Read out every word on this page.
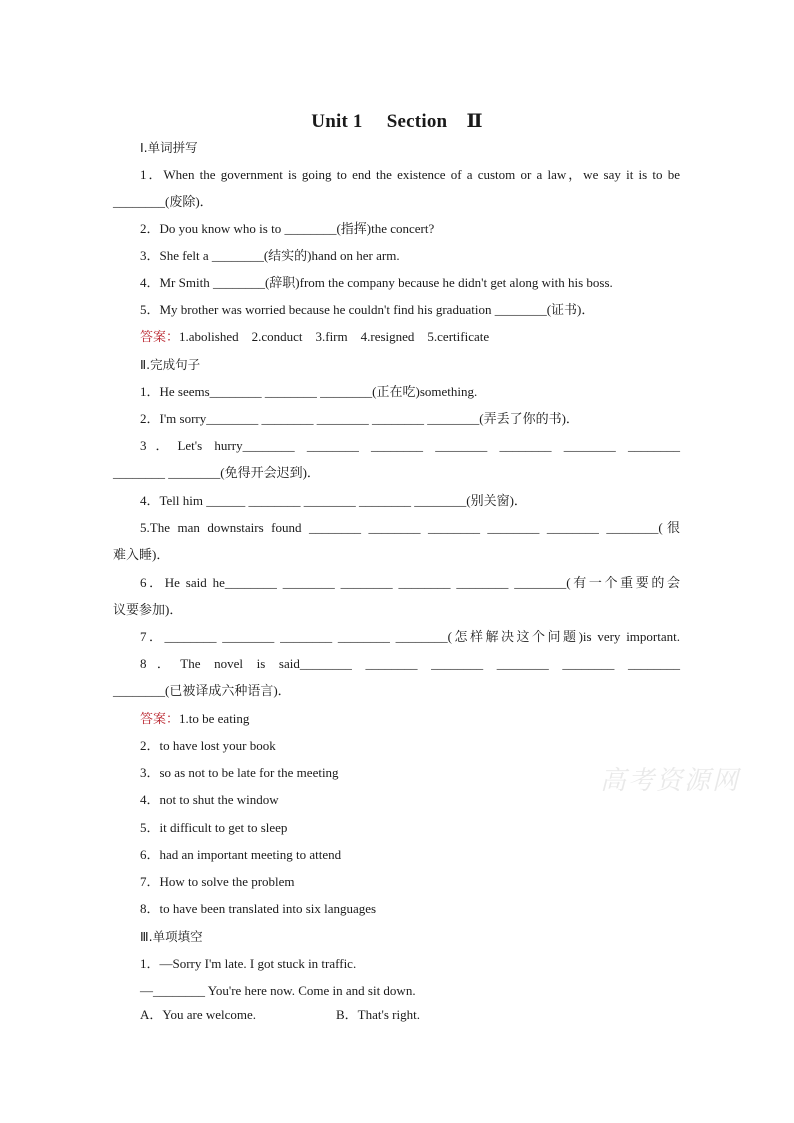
Unit 1　 Section　Ⅱ
Ⅰ.单词拼写
1．When the government is going to end the existence of a custom or a law，we say it is to be
________(废除)．
2．Do you know who is to ________(指挥)the concert?
3．She felt a ________(结实的)hand on her arm.
4．Mr Smith ________(辞职)from the company because he didn't get along with his boss.
5．My brother was worried because he couldn't find his graduation ________(证书)．
答案：1.abolished　2.conduct　3.firm　4.resigned　5.certificate
Ⅱ.完成句子
1．He seems________ ________ ________(正在吃)something.
2．I'm sorry________ ________ ________ ________ ________(弄丢了你的书)．
3．Let's hurry________ ________ ________ ________ ________ ________ ________
________ ________(免得开会迟到)．
4．Tell him ______ ________ ________ ________ ________(别关窗)．
5.The man downstairs found ________ ________ ________ ________ ________ ________(很
难入睡)．
6．He said he________ ________ ________ ________ ________ ________(有一个重要的会
议要参加)．
7．________ ________ ________ ________ ________(怎样解决这个问题)is very important.
8．The novel is said________ ________ ________ ________ ________ ________
________(已被译成六种语言)．
答案：1.to be eating
2．to have lost your book
3．so as not to be late for the meeting
4．not to shut the window
5．it difficult to get to sleep
6．had an important meeting to attend
7．How to solve the problem
8．to have been translated into six languages
Ⅲ.单项填空
1．—Sorry I'm late. I got stuck in traffic.
—________ You're here now. Come in and sit down.
A．You are welcome.	B．That's right.
高考资源网
